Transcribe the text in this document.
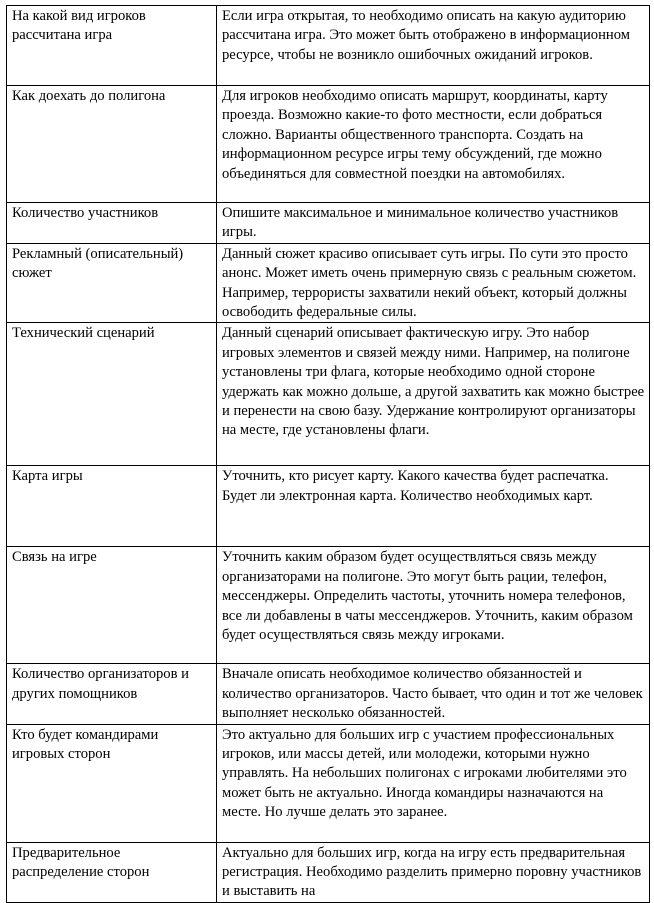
На какой вид игроков рассчитана игра	Если игра открытая, то необходимо описать на какую аудиторию рассчитана игра. Это может быть отображено в информационном ресурсе, чтобы не возникло ошибочных ожиданий игроков.
Как доехать до полигона	Для игроков необходимо описать маршрут, координаты, карту проезда. Возможно какие-то фото местности, если добраться сложно. Варианты общественного транспорта. Создать на информационном ресурсе игры тему обсуждений, где можно объединяться для совместной поездки на автомобилях.
Количество участников	Опишите максимальное и минимальное количество участников игры.
Рекламный (описательный) сюжет	Данный сюжет красиво описывает суть игры. По сути это просто анонс. Может иметь очень примерную связь с реальным сюжетом. Например, террористы захватили некий объект, который должны освободить федеральные силы.
Технический сценарий	Данный сценарий описывает фактическую игру. Это набор игровых элементов и связей между ними. Например, на полигоне установлены три флага, которые необходимо одной стороне удержать как можно дольше, а другой захватить как можно быстрее и перенести на свою базу. Удержание контролируют организаторы на месте, где установлены флаги.
Карта игры	Уточнить, кто рисует карту. Какого качества будет распечатка. Будет ли электронная карта. Количество необходимых карт.
Связь на игре	Уточнить каким образом будет осуществляться связь между организаторами на полигоне. Это могут быть рации, телефон, мессенджеры. Определить частоты, уточнить номера телефонов, все ли добавлены в чаты мессенджеров. Уточнить, каким образом будет осуществляться связь между игроками.
Количество организаторов и других помощников	Вначале описать необходимое количество обязанностей и количество организаторов. Часто бывает, что один и тот же человек выполняет несколько обязанностей.
Кто будет командирами игровых сторон	Это актуально для больших игр с участием профессиональных игроков, или массы детей, или молодежи, которыми нужно управлять. На небольших полигонах с игроками любителями это может быть не актуально. Иногда командиры назначаются на месте. Но лучше делать это заранее.
Предварительное распределение сторон	Актуально для больших игр, когда на игру есть предварительная регистрация. Необходимо разделить примерно поровну участников и выставить на
